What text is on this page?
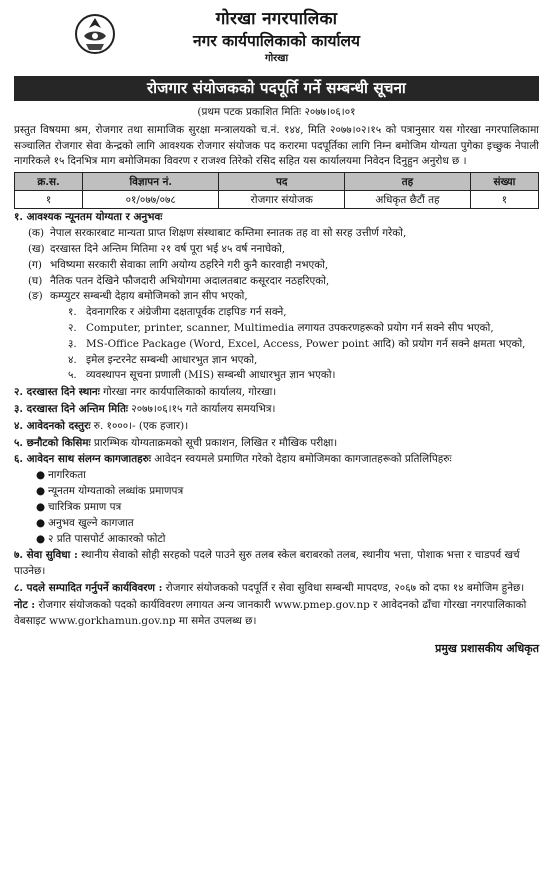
गोरखा नगरपालिका
नगर कार्यपालिकाको कार्यालय
गोरखा
रोजगार संयोजकको पदपूर्ति गर्ने सम्बन्धी सूचना
(प्रथम पटक प्रकाशित मितिः २०७७।०६।०१

प्रस्तुत विषयमा श्रम, रोजगार तथा सामाजिक सुरक्षा मन्त्रालयको च.नं. १४४, मिति २०७७।०२।१५ को पत्रानुसार यस गोरखा नगरपालिकामा सञ्चालित रोजगार सेवा केन्द्रको लागि आवश्यक रोजगार संयोजक पद करारमा पदपूर्तिका लागि निम्न बमोजिम योग्यता पुगेका इच्छुक नेपाली नागरिकले १५ दिनभित्र माग बमोजिमका विवरण र राजश्व तिरेको रसिद सहित यस कार्यालयमा निवेदन दिनुहुन अनुरोध छ ।

क्र.स.	विज्ञापन नं.	पद	तह	संख्या
१	०१/०७७/०७८	रोजगार संयोजक	अधिकृत छैटौं तह	१
१. आवश्यक न्यूनतम योग्यता र अनुभवः
(क) नेपाल सरकारबाट मान्यता प्राप्त शिक्षण संस्थाबाट कम्तिमा स्नातक तह वा सो सरह उत्तीर्ण गरेको,
(ख) दरखास्त दिने अन्तिम मितिमा २१ वर्ष पूरा भई ४५ वर्ष ननाघेको,
(ग) भविष्यमा सरकारी सेवाका लागि अयोग्य ठहरिने गरी कुनै कारवाही नभएको,
(घ) नैतिक पतन देखिने फौजदारी अभियोगमा अदालतबाट कसूरदार नठहरिएको,
(ङ) कम्प्युटर सम्बन्धी देहाय बमोजिमको ज्ञान सीप भएको,
१. देवनागरिक र अंग्रेजीमा दक्षतापूर्वक टाइपिङ गर्न सक्ने,
२. Computer, printer, scanner, Multimedia लगायत उपकरणहरूको प्रयोग गर्न सक्ने सीप भएको,
३. MS-Office Package (Word, Excel, Access, Power point आदि) को प्रयोग गर्न सक्ने क्षमता भएको,
४. इमेल इन्टरनेट सम्बन्धी आधारभुत ज्ञान भएको,
५. व्यवस्थापन सूचना प्रणाली (MIS) सम्बन्धी आधारभुत ज्ञान भएको।
२. दरखास्त दिने स्थानः गोरखा नगर कार्यपालिकाको कार्यालय, गोरखा।
३. दरखास्त दिने अन्तिम मितिः २०७७।०६।१५ गते कार्यालय समयभित्र।
४. आवेदनको दस्तुरः रु. १०००।- (एक हजार)।
५. छनौटको किसिमः प्रारम्भिक योग्यताक्रमको सूची प्रकाशन, लिखित र मौखिक परीक्षा।
६. आवेदन साथ संलग्न कागजातहरुः आवेदन स्वयमले प्रमाणित गरेको देहाय बमोजिमका कागजातहरूको प्रतिलिपिहरुः
● नागरिकता
● न्यूनतम योग्यताको लब्धांक प्रमाणपत्र
● चारित्रिक प्रमाण पत्र
● अनुभव खुल्ने कागजात
● २ प्रति पासपोर्ट आकारको फोटो
७. सेवा सुविधा : स्थानीय सेवाको सोही सरहको पदले पाउने सुरु तलब स्केल बराबरको तलब, स्थानीय भत्ता, पोशाक भत्ता र चाडपर्व खर्च पाउनेछ।
८. पदले सम्पादित गर्नुपर्ने कार्यविवरण : रोजगार संयोजकको पदपूर्ति र सेवा सुविधा सम्बन्धी मापदण्ड, २०६७ को दफा १४ बमोजिम हुनेछ।
नोट : रोजगार संयोजकको पदको कार्यविवरण लगायत अन्य जानकारी www.pmep.gov.np र आवेदनको ढाँचा गोरखा नगरपालिकाको वेबसाइट www.gorkhamun.gov.np मा समेत उपलब्ध छ।
प्रमुख प्रशासकीय अधिकृत
